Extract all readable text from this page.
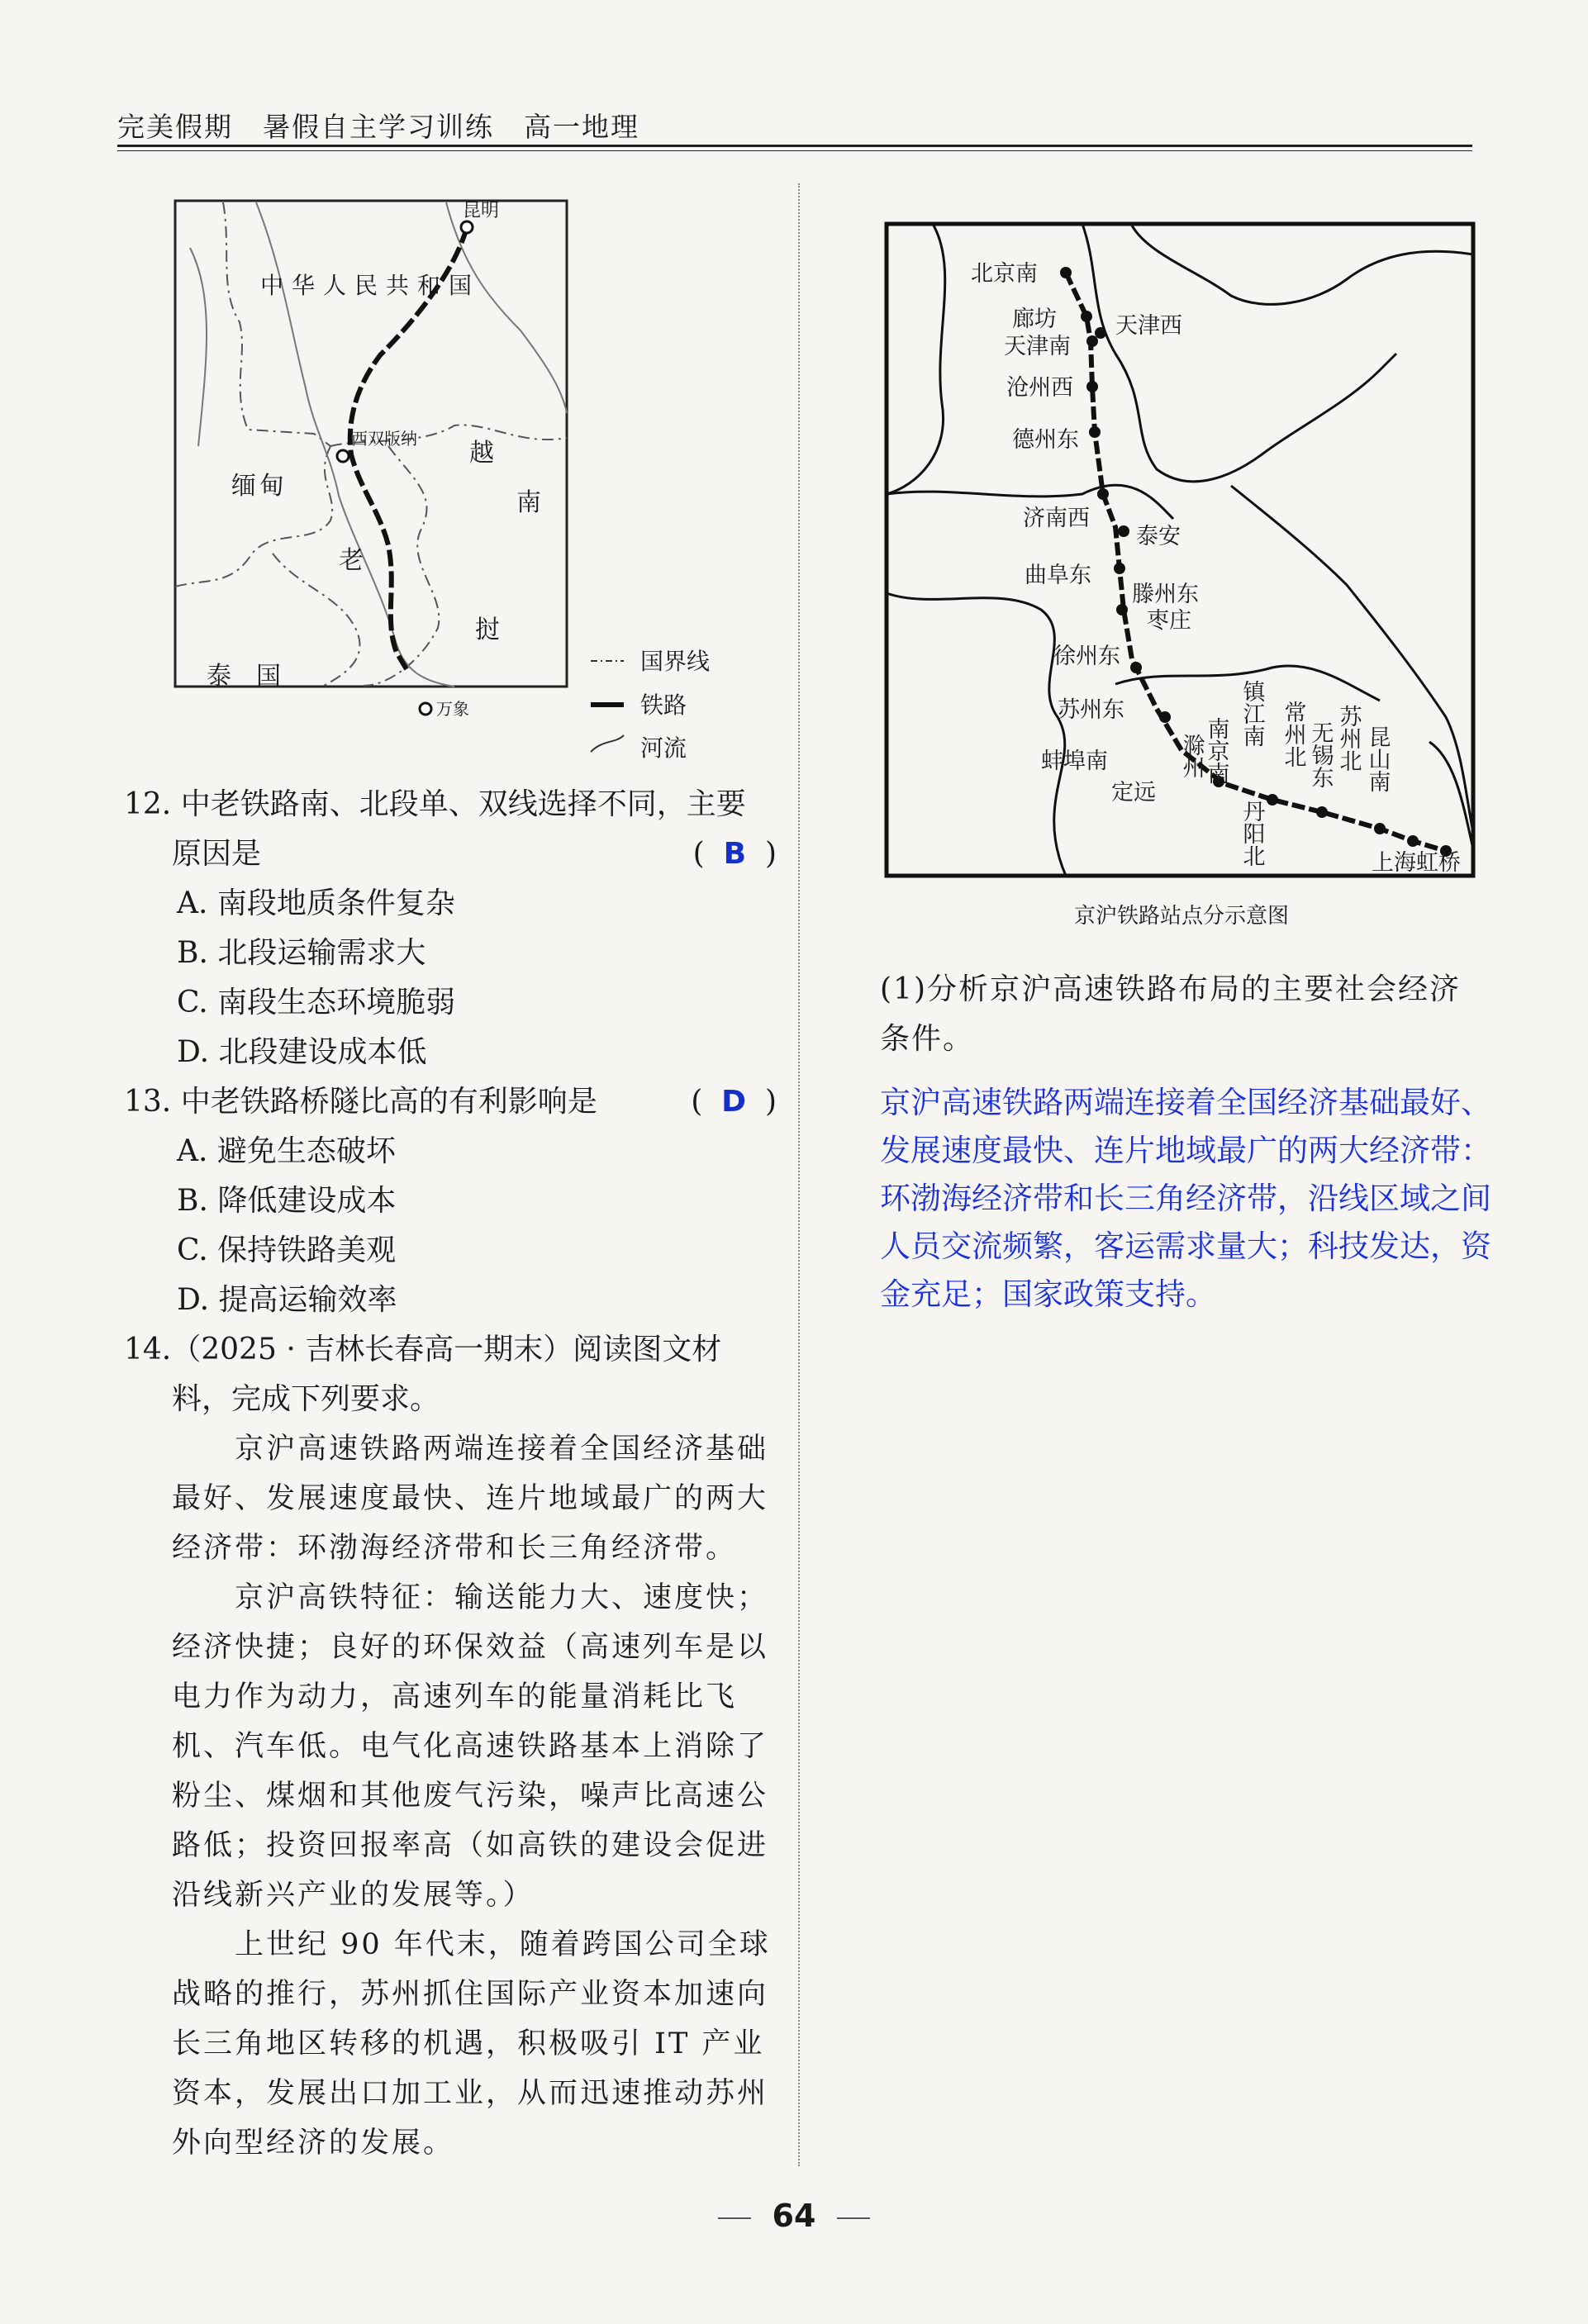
完美假期 暑假自主学习训练 高一地理
昆明
中华人民共和国
西双版纳 越
南
缅甸
老
挝
泰国
万象
国界线
铁路
河流
12. 中老铁路南、北段单、双线选择不同，主要
原因是	(  B  )
A. 南段地质条件复杂
B. 北段运输需求大
C. 南段生态环境脆弱
D. 北段建设成本低
13. 中老铁路桥隧比高的有利影响是	(  D  )
A. 避免生态破坏
B. 降低建设成本
C. 保持铁路美观
D. 提高运输效率
14.（2025 · 吉林长春高一期末）阅读图文材
料，完成下列要求。
京沪高速铁路两端连接着全国经济基础最好、发展速度最快、连片地域最广的两大经济带：环渤海经济带和长三角经济带。
京沪高铁特征：输送能力大、速度快；经济快捷；良好的环保效益（高速列车是以电力作为动力，高速列车的能量消耗比飞机、汽车低。电气化高速铁路基本上消除了粉尘、煤烟和其他废气污染，噪声比高速公路低；投资回报率高（如高铁的建设会促进沿线新兴产业的发展等。）
上世纪 90 年代末，随着跨国公司全球战略的推行，苏州抓住国际产业资本加速向长三角地区转移的机遇，积极吸引 IT 产业资本，发展出口加工业，从而迅速推动苏州外向型经济的发展。
北京南
廊坊	天津西
天津南
沧州西
德州东
济南西
泰安
曲阜东
滕州东
枣庄
徐州东
苏州东
蚌埠南
定远
滁州 南京南
镇江南
丹阳北
常州北 无锡东 苏州北 昆山南
上海虹桥
京沪铁路站点分示意图
(1)分析京沪高速铁路布局的主要社会经济条件。
京沪高速铁路两端连接着全国经济基础最好、发展速度最快、连片地域最广的两大经济带：环渤海经济带和长三角经济带，沿线区域之间人员交流频繁，客运需求量大；科技发达，资金充足；国家政策支持。
64
